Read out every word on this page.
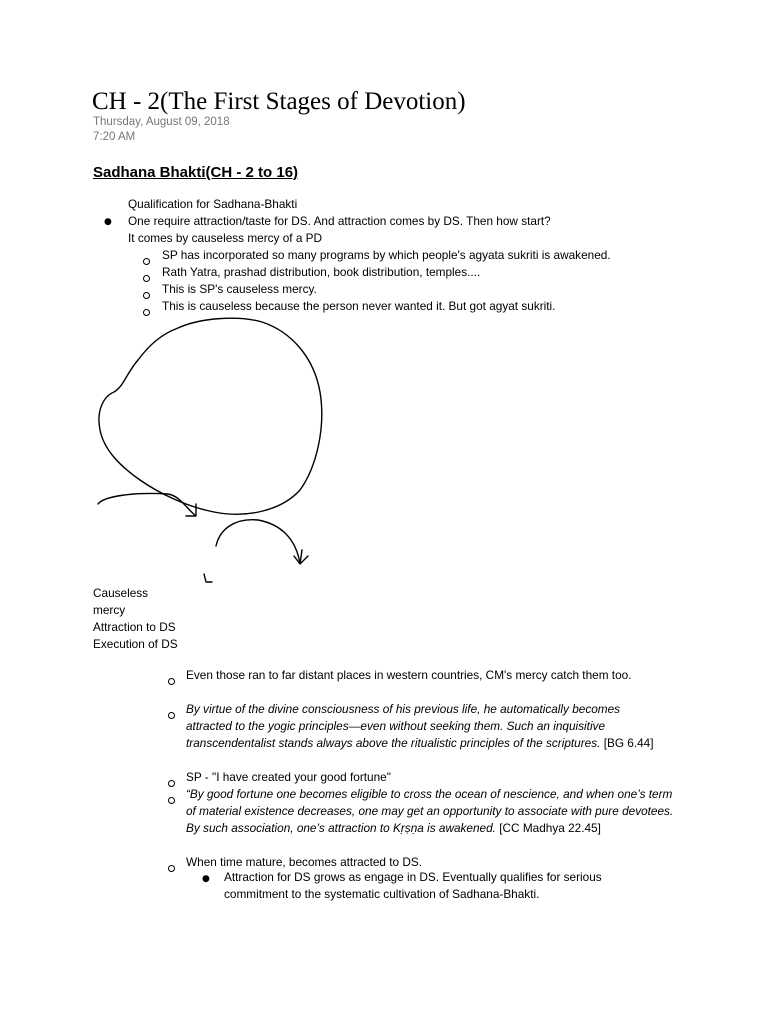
CH - 2(The First Stages of Devotion)
Thursday, August 09, 2018
7:20 AM
Sadhana Bhakti(CH - 2 to 16)
Qualification for Sadhana-Bhakti
● One require attraction/taste for DS. And attraction comes by DS. Then how start?
It comes by causeless mercy of a PD
SP has incorporated so many programs by which people's agyata sukriti is awakened.
Rath Yatra, prashad distribution, book distribution, temples....
This is SP's causeless mercy.
This is causeless because the person never wanted it. But got agyat sukriti.
Causeless
mercy
Attraction to DS
Execution of DS
Even those ran to far distant places in western countries, CM's mercy catch them too.
By virtue of the divine consciousness of his previous life, he automatically becomes attracted to the yogic principles—even without seeking them. Such an inquisitive transcendentalist stands always above the ritualistic principles of the scriptures. [BG 6.44]
SP - "I have created your good fortune"
“By good fortune one becomes eligible to cross the ocean of nescience, and when one’s term of material existence decreases, one may get an opportunity to associate with pure devotees. By such association, one’s attraction to Kṛṣṇa is awakened. [CC Madhya 22.45]
When time mature, becomes attracted to DS.
● Attraction for DS grows as engage in DS. Eventually qualifies for serious commitment to the systematic cultivation of Sadhana-Bhakti.
